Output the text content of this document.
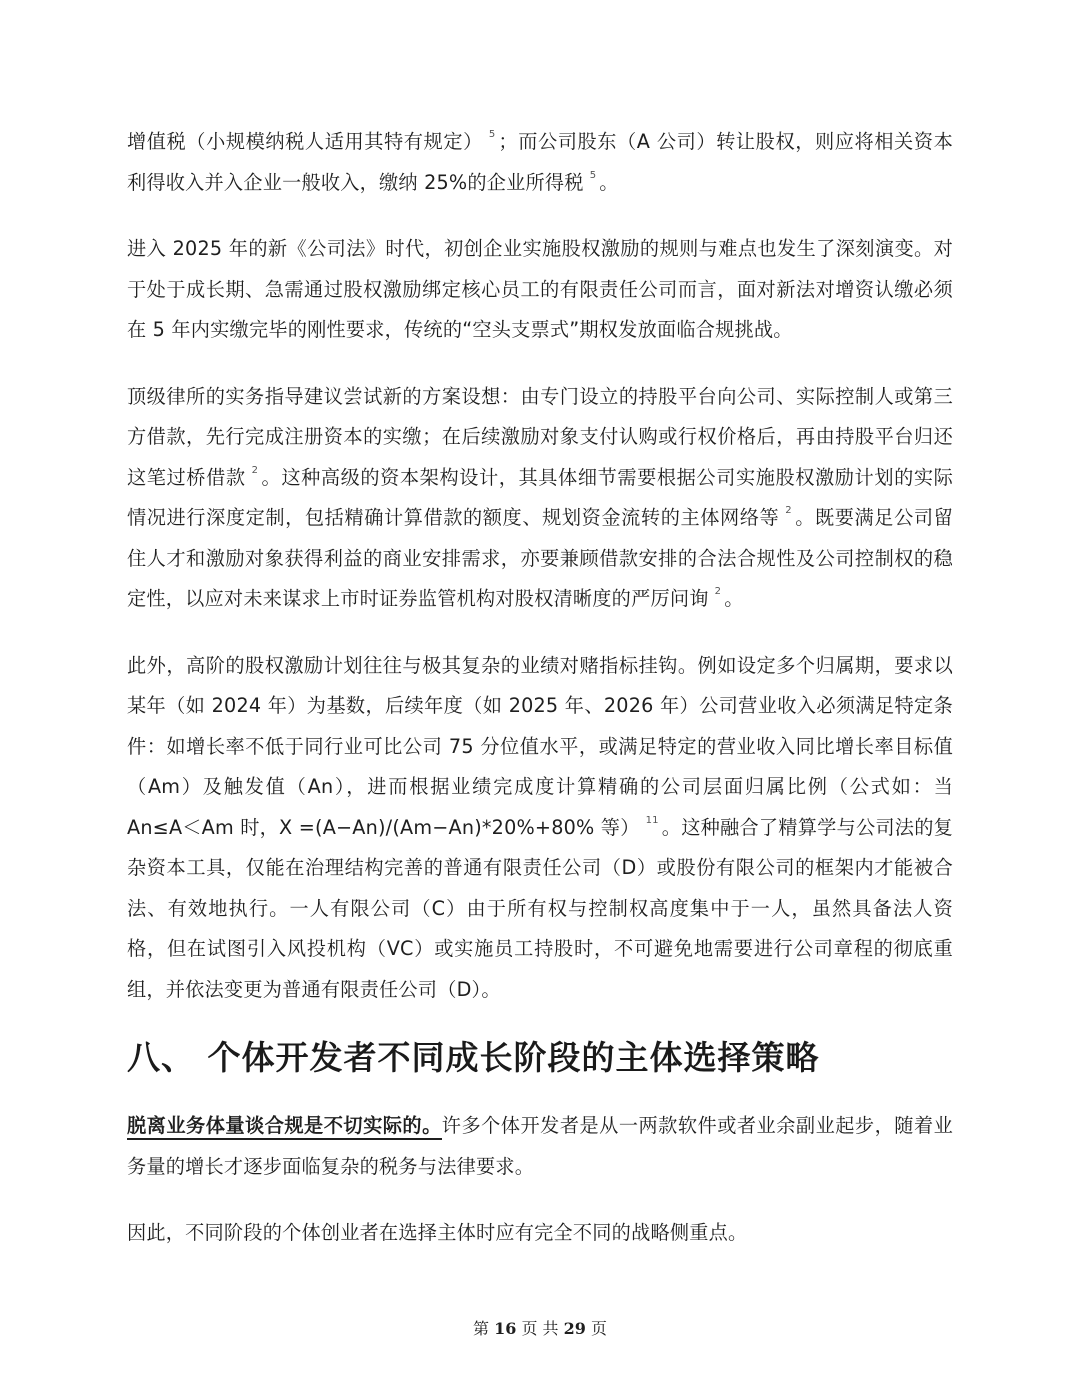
增值税（小规模纳税人适用其特有规定） $^5$ ；而公司股东（A 公司）转让股权，则应将相关资本利得收入并入企业一般收入，缴纳 25%的企业所得税 $^5$ 。

进入 2025 年的新《公司法》时代，初创企业实施股权激励的规则与难点也发生了深刻演变。对于处于成长期、急需通过股权激励绑定核心员工的有限责任公司而言，面对新法对增资认缴必须在 5 年内实缴完毕的刚性要求，传统的“空头支票式”期权发放面临合规挑战。

顶级律所的实务指导建议尝试新的方案设想：由专门设立的持股平台向公司、实际控制人或第三方借款，先行完成注册资本的实缴；在后续激励对象支付认购或行权价格后，再由持股平台归还这笔过桥借款 $^2$ 。这种高级的资本架构设计，其具体细节需要根据公司实施股权激励计划的实际情况进行深度定制，包括精确计算借款的额度、规划资金流转的主体网络等 $^2$ 。既要满足公司留住人才和激励对象获得利益的商业安排需求，亦要兼顾借款安排的合法合规性及公司控制权的稳定性，以应对未来谋求上市时证券监管机构对股权清晰度的严厉问询 $^2$ 。

此外，高阶的股权激励计划往往与极其复杂的业绩对赌指标挂钩。例如设定多个归属期，要求以某年（如 2024 年）为基数，后续年度（如 2025 年、2026 年）公司营业收入必须满足特定条件：如增长率不低于同行业可比公司 75 分位值水平，或满足特定的营业收入同比增长率目标值（Am）及触发值（An），进而根据业绩完成度计算精确的公司层面归属比例（公式如：当 An≤A＜Am 时，X =(A−An)/(Am−An)*20%+80% 等） $^{11}$ 。这种融合了精算学与公司法的复杂资本工具，仅能在治理结构完善的普通有限责任公司（D）或股份有限公司的框架内才能被合法、有效地执行。一人有限公司（C）由于所有权与控制权高度集中于一人，虽然具备法人资格，但在试图引入风投机构（VC）或实施员工持股时，不可避免地需要进行公司章程的彻底重组，并依法变更为普通有限责任公司（D）。

八、 个体开发者不同成长阶段的主体选择策略

脱离业务体量谈合规是不切实际的。许多个体开发者是从一两款软件或者业余副业起步，随着业务量的增长才逐步面临复杂的税务与法律要求。

因此，不同阶段的个体创业者在选择主体时应有完全不同的战略侧重点。

第 16 页 共 29 页
